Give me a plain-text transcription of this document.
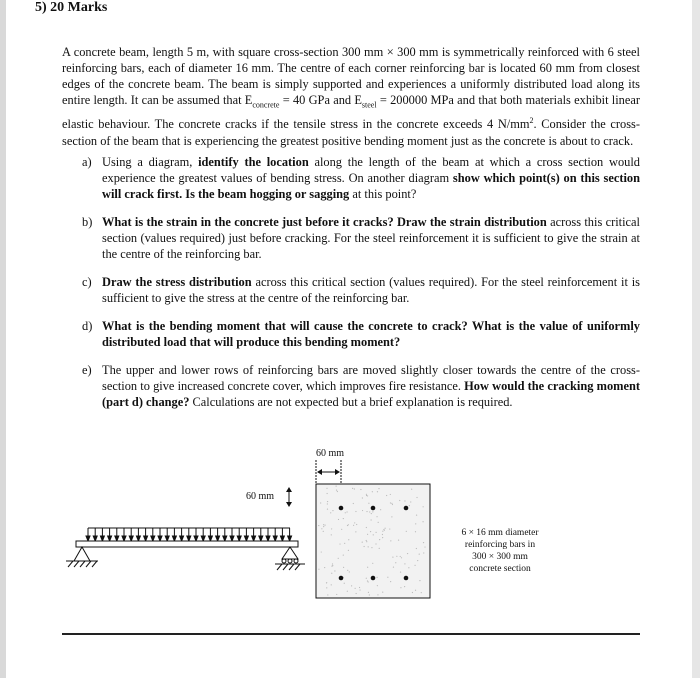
5) 20 Marks
A concrete beam, length 5 m, with square cross-section 300 mm × 300 mm is symmetrically reinforced with 6 steel reinforcing bars, each of diameter 16 mm. The centre of each corner reinforcing bar is located 60 mm from closest edges of the concrete beam. The beam is simply supported and experiences a uniformly distributed load along its entire length. It can be assumed that $E_{concrete} = 40$ GPa and $E_{steel} = 200000$ MPa and that both materials exhibit linear elastic behaviour. The concrete cracks if the tensile stress in the concrete exceeds 4 $N/mm^2$. Consider the cross-section of the beam that is experiencing the greatest positive bending moment just as the concrete is about to crack.
a) Using a diagram, identify the location along the length of the beam at which a cross section would experience the greatest values of bending stress. On another diagram show which point(s) on this section will crack first. Is the beam hogging or sagging at this point?
b) What is the strain in the concrete just before it cracks? Draw the strain distribution across this critical section (values required) just before cracking. For the steel reinforcement it is sufficient to give the strain at the centre of the reinforcing bar.
c) Draw the stress distribution across this critical section (values required). For the steel reinforcement it is sufficient to give the stress at the centre of the reinforcing bar.
d) What is the bending moment that will cause the concrete to crack? What is the value of uniformly distributed load that will produce this bending moment?
e) The upper and lower rows of reinforcing bars are moved slightly closer towards the centre of the cross-section to give increased concrete cover, which improves fire resistance. How would the cracking moment (part d) change? Calculations are not expected but a brief explanation is required.
60 mm
60 mm
6 × 16 mm diameter
reinforcing bars in
300 × 300 mm
concrete section
